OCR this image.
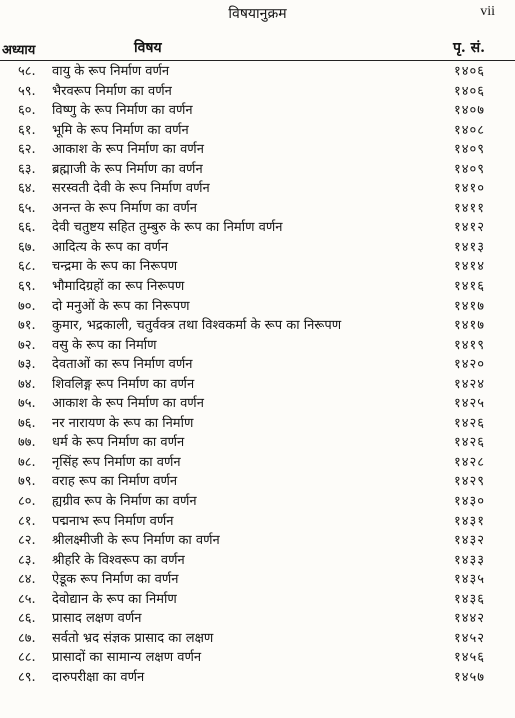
विषयानुक्रम	vii
अध्याय	विषय	पृ. सं.
५८.	वायु के रूप निर्माण वर्णन	१४०६
५९.	भैरवरूप निर्माण का वर्णन	१४०६
६०.	विष्णु के रूप निर्माण का वर्णन	१४०७
६१.	भूमि के रूप निर्माण का वर्णन	१४०८
६२.	आकाश के रूप निर्माण का वर्णन	१४०९
६३.	ब्रह्माजी के रूप निर्माण का वर्णन	१४०९
६४.	सरस्वती देवी के रूप निर्माण वर्णन	१४१०
६५.	अनन्त के रूप निर्माण का वर्णन	१४११
६६.	देवी चतुष्टय सहित तुम्बुरु के रूप का निर्माण वर्णन	१४१२
६७.	आदित्य के रूप का वर्णन	१४१३
६८.	चन्द्रमा के रूप का निरूपण	१४१४
६९.	भौमादिग्रहों का रूप निरूपण	१४१६
७०.	दो मनुओं के रूप का निरूपण	१४१७
७१.	कुमार, भद्रकाली, चतुर्वक्त्र तथा विश्वकर्मा के रूप का निरूपण	१४१७
७२.	वसु के रूप का निर्माण	१४१९
७३.	देवताओं का रूप निर्माण वर्णन	१४२०
७४.	शिवलिङ्ग रूप निर्माण का वर्णन	१४२४
७५.	आकाश के रूप निर्माण का वर्णन	१४२५
७६.	नर नारायण के रूप का निर्माण	१४२६
७७.	धर्म के रूप निर्माण का वर्णन	१४२६
७८.	नृसिंह रूप निर्माण का वर्णन	१४२८
७९.	वराह रूप का निर्माण वर्णन	१४२९
८०.	ह्यग्रीव रूप के निर्माण का वर्णन	१४३०
८१.	पद्मनाभ रूप निर्माण वर्णन	१४३१
८२.	श्रीलक्ष्मीजी के रूप निर्माण का वर्णन	१४३२
८३.	श्रीहरि के विश्वरूप का वर्णन	१४३३
८४.	ऐडूक रूप निर्माण का वर्णन	१४३५
८५.	देवोद्यान के रूप का निर्माण	१४३६
८६.	प्रासाद लक्षण वर्णन	१४४२
८७.	सर्वतो भ्रद संज्ञक प्रासाद का लक्षण	१४५२
८८.	प्रासादों का सामान्य लक्षण वर्णन	१४५६
८९.	दारुपरीक्षा का वर्णन	१४५७
